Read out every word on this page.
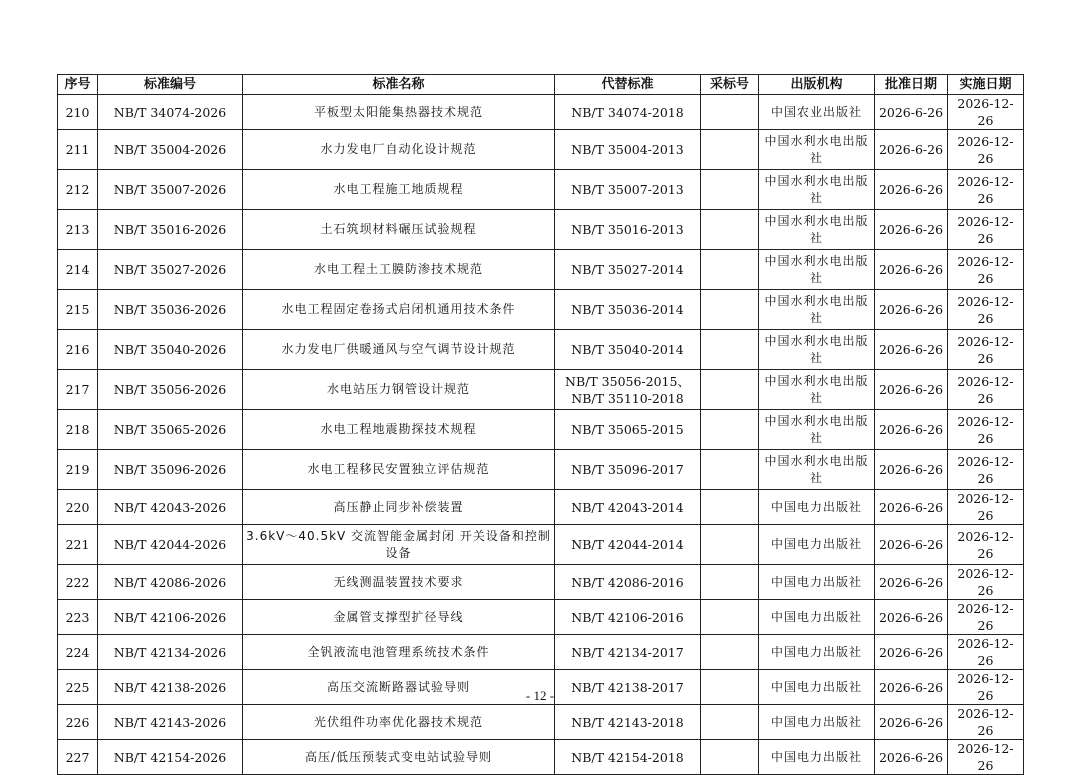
序号	标准编号	标准名称	代替标准	采标号	出版机构	批准日期	实施日期
210	NB/T 34074-2026	平板型太阳能集热器技术规范	NB/T 34074-2018		中国农业出版社	2026-6-26	2026-12-26
211	NB/T 35004-2026	水力发电厂自动化设计规范	NB/T 35004-2013		中国水利水电出版社	2026-6-26	2026-12-26
212	NB/T 35007-2026	水电工程施工地质规程	NB/T 35007-2013		中国水利水电出版社	2026-6-26	2026-12-26
213	NB/T 35016-2026	土石筑坝材料碾压试验规程	NB/T 35016-2013		中国水利水电出版社	2026-6-26	2026-12-26
214	NB/T 35027-2026	水电工程土工膜防渗技术规范	NB/T 35027-2014		中国水利水电出版社	2026-6-26	2026-12-26
215	NB/T 35036-2026	水电工程固定卷扬式启闭机通用技术条件	NB/T 35036-2014		中国水利水电出版社	2026-6-26	2026-12-26
216	NB/T 35040-2026	水力发电厂供暖通风与空气调节设计规范	NB/T 35040-2014		中国水利水电出版社	2026-6-26	2026-12-26
217	NB/T 35056-2026	水电站压力钢管设计规范	NB/T 35056-2015、NB/T 35110-2018		中国水利水电出版社	2026-6-26	2026-12-26
218	NB/T 35065-2026	水电工程地震勘探技术规程	NB/T 35065-2015		中国水利水电出版社	2026-6-26	2026-12-26
219	NB/T 35096-2026	水电工程移民安置独立评估规范	NB/T 35096-2017		中国水利水电出版社	2026-6-26	2026-12-26
220	NB/T 42043-2026	高压静止同步补偿装置	NB/T 42043-2014		中国电力出版社	2026-6-26	2026-12-26
221	NB/T 42044-2026	3.6kV～40.5kV 交流智能金属封闭 开关设备和控制设备	NB/T 42044-2014		中国电力出版社	2026-6-26	2026-12-26
222	NB/T 42086-2026	无线测温装置技术要求	NB/T 42086-2016		中国电力出版社	2026-6-26	2026-12-26
223	NB/T 42106-2026	金属管支撑型扩径导线	NB/T 42106-2016		中国电力出版社	2026-6-26	2026-12-26
224	NB/T 42134-2026	全钒液流电池管理系统技术条件	NB/T 42134-2017		中国电力出版社	2026-6-26	2026-12-26
225	NB/T 42138-2026	高压交流断路器试验导则	NB/T 42138-2017		中国电力出版社	2026-6-26	2026-12-26
226	NB/T 42143-2026	光伏组件功率优化器技术规范	NB/T 42143-2018		中国电力出版社	2026-6-26	2026-12-26
227	NB/T 42154-2026	高压/低压预装式变电站试验导则	NB/T 42154-2018		中国电力出版社	2026-6-26	2026-12-26
- 12 -
